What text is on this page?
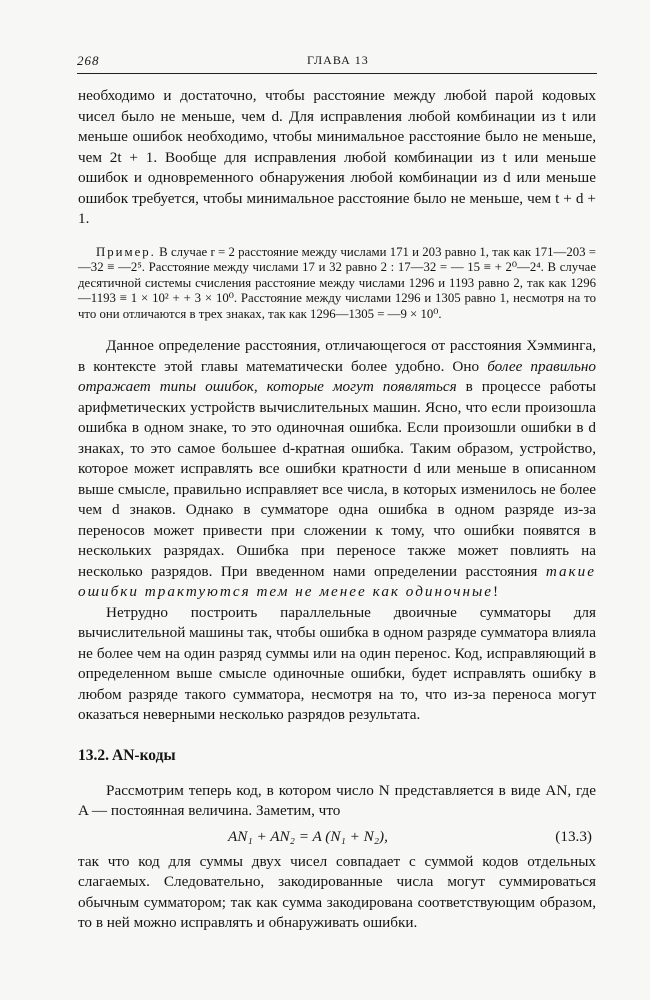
268	ГЛАВА 13

необходимо и достаточно, чтобы расстояние между любой парой кодовых чисел было не меньше, чем d. Для исправления любой комбинации из t или меньше ошибок необходимо, чтобы минимальное расстояние было не меньше, чем 2t + 1. Вообще для исправления любой комбинации из t или меньше ошибок и одновременного обнаружения любой комбинации из d или меньше ошибок требуется, чтобы минимальное расстояние было не меньше, чем t + d + 1.

Пример. В случае r = 2 расстояние между числами 171 и 203 равно 1, так как 171—203 = —32 ≡ —2⁵. Расстояние между числами 17 и 32 равно 2 : 17—32 = — 15 ≡ + 2⁰—2⁴. В случае десятичной системы счисления расстояние между числами 1296 и 1193 равно 2, так как 1296—1193 ≡ 1 × 10² + + 3 × 10⁰. Расстояние между числами 1296 и 1305 равно 1, несмотря на то что они отличаются в трех знаках, так как 1296—1305 = —9 × 10⁰.

Данное определение расстояния, отличающегося от расстояния Хэмминга, в контексте этой главы математически более удобно. Оно более правильно отражает типы ошибок, которые могут появляться в процессе работы арифметических устройств вычислительных машин. Ясно, что если произошла ошибка в одном знаке, то это одиночная ошибка. Если произошли ошибки в d знаках, то это самое большее d-кратная ошибка. Таким образом, устройство, которое может исправлять все ошибки кратности d или меньше в описанном выше смысле, правильно исправляет все числа, в которых изменилось не более чем d знаков. Однако в сумматоре одна ошибка в одном разряде из-за переносов может привести при сложении к тому, что ошибки появятся в нескольких разрядах. Ошибка при переносе также может повлиять на несколько разрядов. При введенном нами определении расстояния такие ошибки трактуются тем не менее как одиночные!

Нетрудно построить параллельные двоичные сумматоры для вычислительной машины так, чтобы ошибка в одном разряде сумматора влияла не более чем на один разряд суммы или на один перенос. Код, исправляющий в определенном выше смысле одиночные ошибки, будет исправлять ошибку в любом разряде такого сумматора, несмотря на то, что из-за переноса могут оказаться неверными несколько разрядов результата.

13.2. AN-коды

Рассмотрим теперь код, в котором число N представляется в виде AN, где A — постоянная величина. Заметим, что

AN₁ + AN₂ = A (N₁ + N₂),	(13.3)

так что код для суммы двух чисел совпадает с суммой кодов отдельных слагаемых. Следовательно, закодированные числа могут суммироваться обычным сумматором; так как сумма закодирована соответствующим образом, то в ней можно исправлять и обнаруживать ошибки.
